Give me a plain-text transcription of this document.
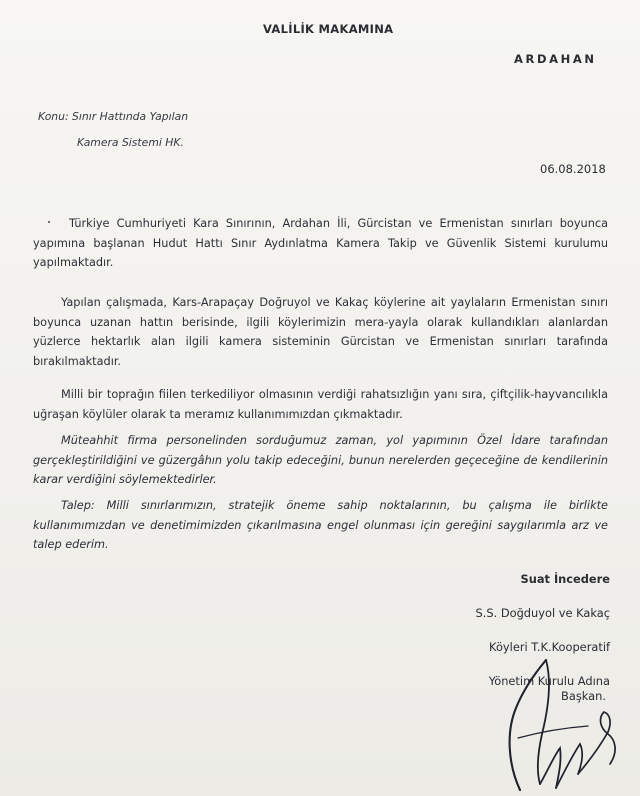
VALİLİK MAKAMINA

ARDAHAN

Konu: Sınır Hattında Yapılan

Kamera Sistemi HK.

06.08.2018

Türkiye Cumhuriyeti Kara Sınırının, Ardahan İli, Gürcistan ve Ermenistan sınırları boyunca yapımına başlanan Hudut Hattı Sınır Aydınlatma Kamera Takip ve Güvenlik Sistemi kurulumu yapılmaktadır.

Yapılan çalışmada, Kars-Arapaçay Doğruyol ve Kakaç köylerine ait yaylaların Ermenistan sınırı boyunca uzanan hattın berisinde, ilgili köylerimizin mera-yayla olarak kullandıkları alanlardan yüzlerce hektarlık alan ilgili kamera sisteminin Gürcistan ve Ermenistan sınırları tarafında bırakılmaktadır.

Milli bir toprağın fiilen terkediliyor olmasının verdiği rahatsızlığın yanı sıra, çiftçilik-hayvancılıkla uğraşan köylüler olarak ta meramız kullanımımızdan çıkmaktadır.

Müteahhit firma personelinden sorduğumuz zaman, yol yapımının Özel İdare tarafından gerçekleştirildiğini ve güzergâhın yolu takip edeceğini, bunun nerelerden geçeceğine de kendilerinin karar verdiğini söylemektedirler.

Talep: Milli sınırlarımızın, stratejik öneme sahip noktalarının, bu çalışma ile birlikte kullanımımızdan ve denetimimizden çıkarılmasına engel olunması için gereğini saygılarımla arz ve talep ederim.

Suat İncedere

S.S. Doğduyol ve Kakaç

Köyleri T.K.Kooperatif

Yönetim Kurulu Adına

Başkan.
